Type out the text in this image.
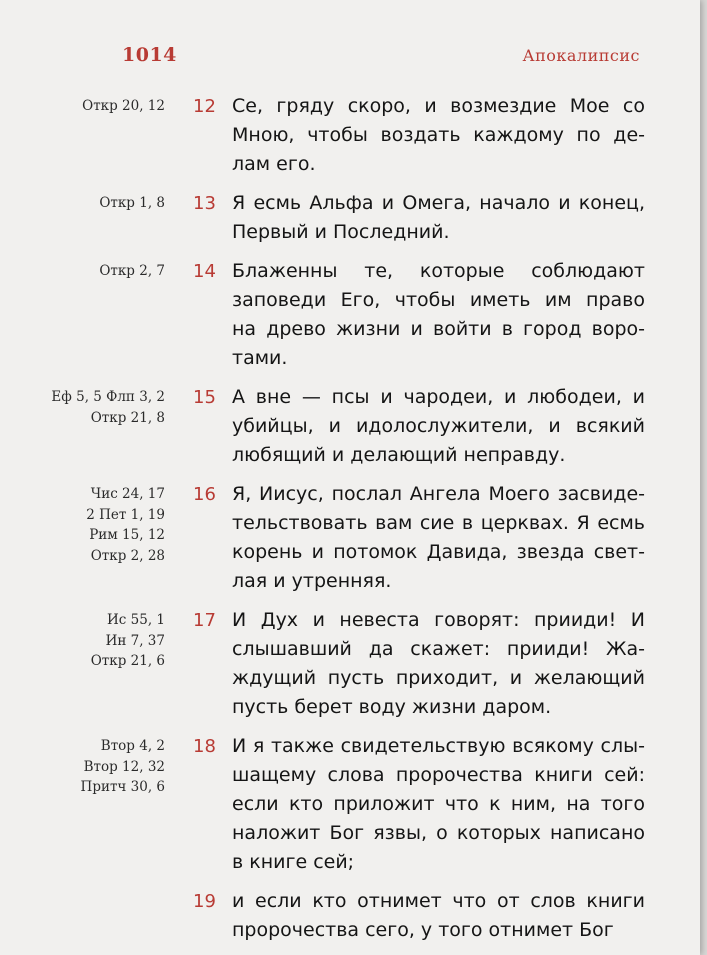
1014	Апокалипсис
Откр 20, 12 12 Се, гряду скоро, и возмездие Мое со
Мною, чтобы воздать каждому по де-
лам его.
Откр 1, 8 13 Я есмь Альфа и Омега, начало и конец,
Первый и Последний.
Откр 2, 7 14 Блаженны те, которые соблюдают
заповеди Его, чтобы иметь им право
на древо жизни и войти в город воро-
тами.
Еф 5, 5 Флп 3, 2
Откр 21, 8
15 А вне — псы и чародеи, и любодеи, и
убийцы, и идолослужители, и всякий
любящий и делающий неправду.
Чис 24, 17
2 Пет 1, 19
Рим 15, 12
Откр 2, 28
16 Я, Иисус, послал Ангела Моего засвиде-
тельствовать вам сие в церквах. Я есмь
корень и потомок Давида, звезда свет-
лая и утренняя.
Ис 55, 1
Ин 7, 37
Откр 21, 6
17 И Дух и невеста говорят: прииди! И
слышавший да скажет: прииди! Жа-
ждущий пусть приходит, и желающий
пусть берет воду жизни даром.
Втор 4, 2
Втор 12, 32
Притч 30, 6
18 И я также свидетельствую всякому слы-
шащему слова пророчества книги сей:
если кто приложит что к ним, на того
наложит Бог язвы, о которых написано
в книге сей;
19 и если кто отнимет что от слов книги
пророчества сего, у того отнимет Бог
